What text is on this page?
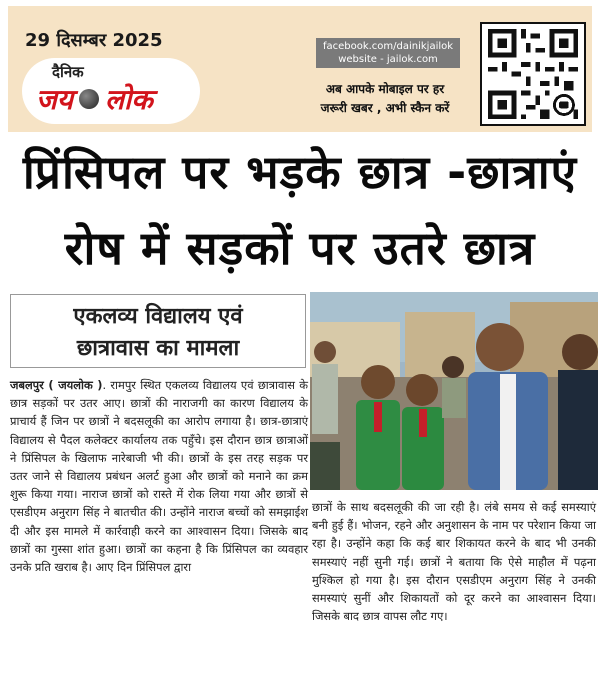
29 दिसम्बर 2025
दैनिक
जय लोक
facebook.com/dainikjailok
website - jailok.com
अब आपके मोबाइल पर हर
जरूरी खबर , अभी स्कैन करें
प्रिंसिपल पर भड़के छात्र -छात्राएं
रोष में सड़कों पर उतरे छात्र
एकलव्य विद्यालय एवं
छात्रावास का मामला

जबलपुर ( जयलोक ). रामपुर स्थित एकलव्य विद्यालय एवं छात्रावास के छात्र सड़कों पर उतर आए। छात्रों की नाराजगी का कारण विद्यालय के प्राचार्य हैं जिन पर छात्रों ने बदसलूकी का आरोप लगाया है। छात्र-छात्राएं विद्यालय से पैदल कलेक्टर कार्यालय तक पहुँचे। इस दौरान छात्र छात्राओं ने प्रिंसिपल के खिलाफ नारेबाजी भी की। छात्रों के इस तरह सड़क पर उतर जाने से विद्यालय प्रबंधन अलर्ट हुआ और छात्रों को मनाने का क्रम शुरू किया गया। नाराज छात्रों को रास्ते में रोक लिया गया और छात्रों से एसडीएम अनुराग सिंह ने बातचीत की। उन्होंने नाराज बच्चों को समझाईश दी और इस मामले में कार्रवाही करने का आश्वासन दिया। जिसके बाद छात्रों का गुस्सा शांत हुआ। छात्रों का कहना है कि प्रिंसिपल का व्यवहार उनके प्रति खराब है। आए दिन प्रिंसिपल द्वारा

छात्रों के साथ बदसलूकी की जा रही है। लंबे समय से कई समस्याएं बनी हुई हैं। भोजन, रहने और अनुशासन के नाम पर परेशान किया जा रहा है। उन्होंने कहा कि कई बार शिकायत करने के बाद भी उनकी समस्याएं नहीं सुनी गई। छात्रों ने बताया कि ऐसे माहौल में पढ़ना मुश्किल हो गया है। इस दौरान एसडीएम अनुराग सिंह ने उनकी समस्याएं सुनीं और शिकायतों को दूर करने का आश्वासन दिया। जिसके बाद छात्र वापस लौट गए।
